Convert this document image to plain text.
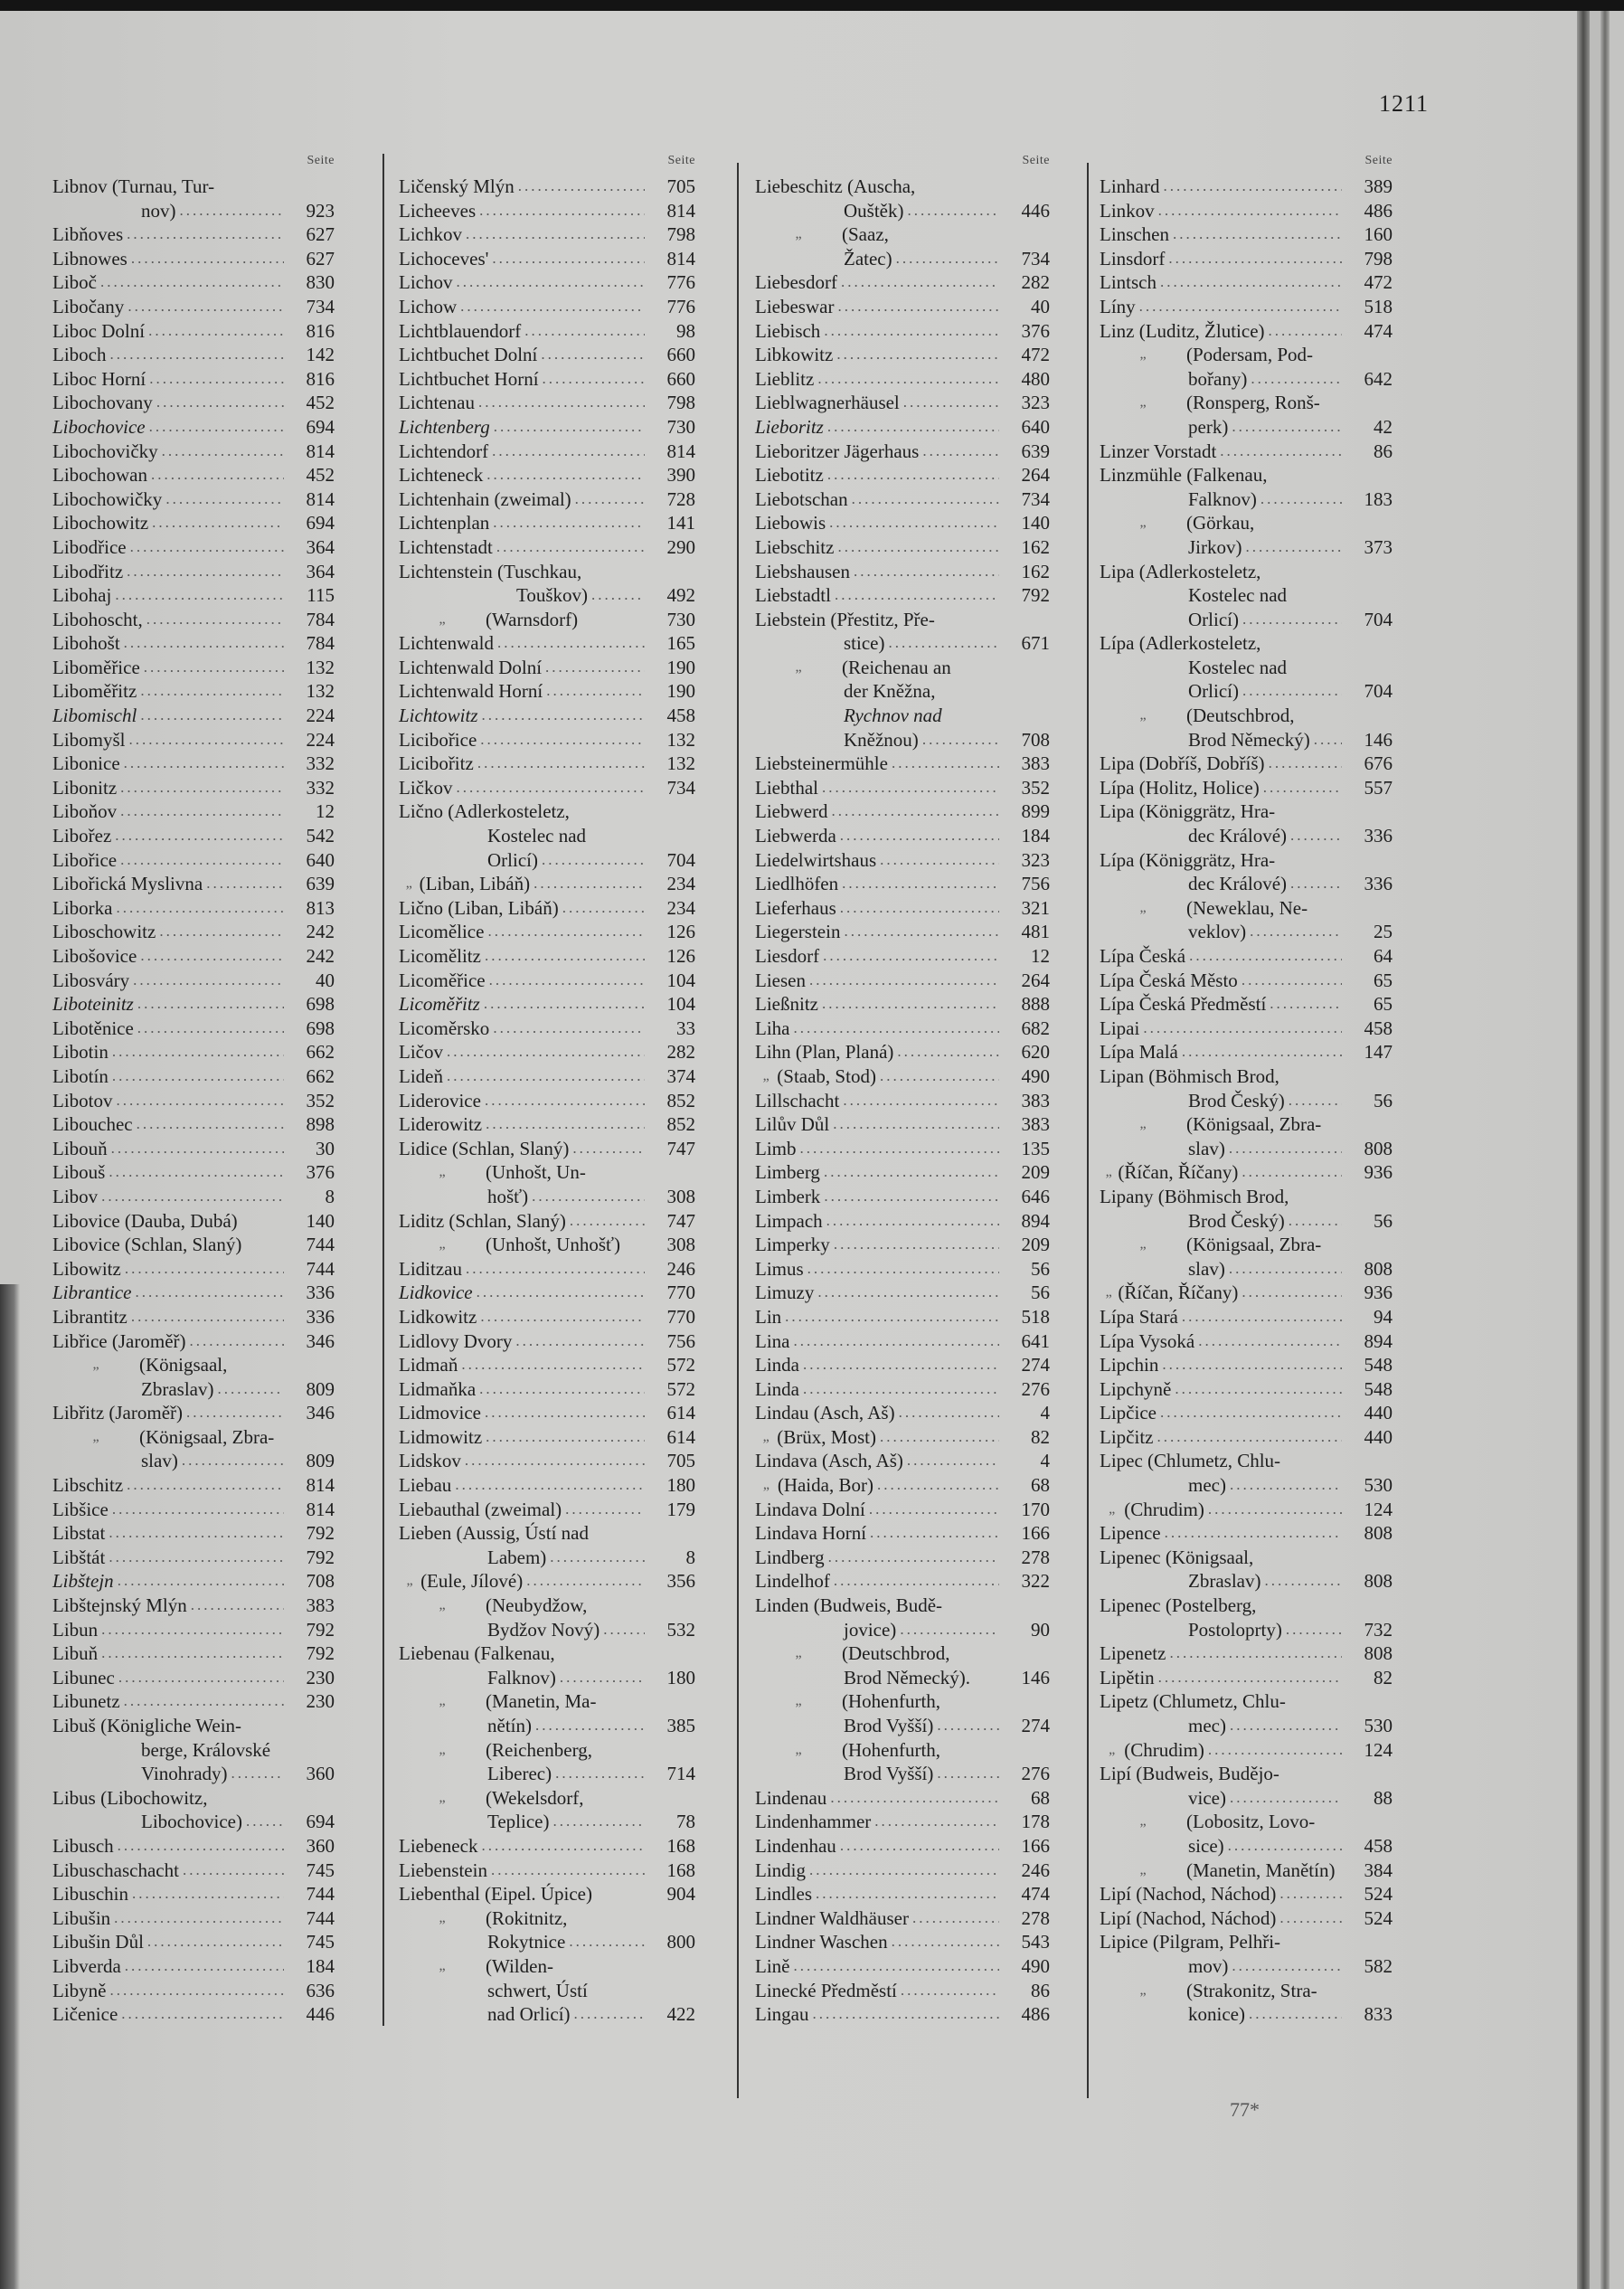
1211
Seite
Libnov (Turnau, Tur-
nov) .....	923
Libňoves .....	627
Libnowes .....	627
Liboč .....	830
Libočany .....	734
Liboc Dolní .....	816
Liboch .....	142
Liboc Horní .....	816
Libochovany .....	452
Libochovice .....	694
Libochovičky .....	814
Libochowan .....	452
Libochowičky .....	814
Libochowitz .....	694
Libodřice .....	364
Libodřitz .....	364
Libohaj .....	115
Libohoscht, .....	784
Libohošt .....	784
Liboměřice .....	132
Liboměřitz .....	132
Libomischl .....	224
Libomyšl .....	224
Libonice .....	332
Libonitz .....	332
Liboňov .....	12
Libořez .....	542
Libořice .....	640
Libořická Myslivna .....	639
Liborka .....	813
Liboschowitz .....	242
Libošovice .....	242
Libosváry .....	40
Liboteinitz .....	698
Libotěnice .....	698
Libotin .....	662
Libotín .....	662
Libotov .....	352
Libouchec .....	898
Libouň .....	30
Libouš .....	376
Libov .....	8
Libovice (Dauba, Dubá)	140
Libovice (Schlan, Slaný)	744
Libowitz .....	744
Librantice .....	336
Librantitz .....	336
Libřice (Jaroměř) .....	346
„	(Königsaal,
Zbraslav) .....	809
Libřitz (Jaroměř) .....	346
„	(Königsaal, Zbra-
slav) .....	809
Libschitz .....	814
Libšice .....	814
Libstat .....	792
Libštát .....	792
Libštejn .....	708
Libštejnský Mlýn .....	383
Libun .....	792
Libuň .....	792
Libunec .....	230
Libunetz .....	230
Libuš (Königliche Wein-
berge, Královské
Vinohrady) .....	360
Libus (Libochowitz,
Libochovice) .....	694
Libusch .....	360
Libuschaschacht .....	745
Libuschin .....	744
Libušin .....	744
Libušin Důl .....	745
Libverda .....	184
Libyně .....	636
Ličenice .....	446
Seite
Ličenský Mlýn .....	705
Licheeves .....	814
Lichkov .....	798
Lichoceves' .....	814
Lichov .....	776
Lichow .....	776
Lichtblauendorf .....	98
Lichtbuchet Dolní .....	660
Lichtbuchet Horní .....	660
Lichtenau .....	798
Lichtenberg .....	730
Lichtendorf .....	814
Lichteneck .....	390
Lichtenhain (zweimal) .....	728
Lichtenplan .....	141
Lichtenstadt .....	290
Lichtenstein (Tuschkau,
Touškov) .....	492
„	(Warnsdorf)	730
Lichtenwald .....	165
Lichtenwald Dolní .....	190
Lichtenwald Horní .....	190
Lichtowitz .....	458
Licibořice .....	132
Licibořitz .....	132
Ličkov .....	734
Lično (Adlerkosteletz,
Kostelec nad
Orlicí) .....	704
„ (Liban, Libáň) .....	234
Lično (Liban, Libáň) .....	234
Licoměliсe .....	126
Licomělitz .....	126
Licoměřice .....	104
Licoměřitz .....	104
Licoměrsko .....	33
Ličov .....	282
Lideň .....	374
Liderovice .....	852
Liderowitz .....	852
Lidice (Schlan, Slaný) .....	747
„	(Unhošt, Un-
hošť) .....	308
Liditz (Schlan, Slaný) .....	747
„	(Unhošt, Unhošť)	308
Liditzau .....	246
Lidkovice .....	770
Lidkowitz .....	770
Lidlovy Dvory .....	756
Lidmaň .....	572
Lidmaňka .....	572
Lidmovice .....	614
Lidmowitz .....	614
Lidskov .....	705
Liebau .....	180
Liebauthal (zweimal) .....	179
Lieben (Aussig, Ústí nad
Labem) .....	8
„ (Eule, Jílové) .....	356
„	(Neubydžow,
Bydžov Nový) .....	532
Liebenau (Falkenau,
Falknov) .....	180
„	(Manetin, Ma-
nětín) .....	385
„	(Reichenberg,
Liberec) .....	714
„	(Wekelsdorf,
Teplice) .....	78
Liebeneck .....	168
Liebenstein .....	168
Liebenthal (Eipel. Úpice)	904
„	(Rokitnitz,
Rokytnice .....	800
„	(Wilden-
schwert, Ústí
nad Orlicí) .....	422
Seite
Liebeschitz (Auscha,
Ouštěk) .....	446
„	(Saaz,
Žatec) .....	734
Liebesdorf .....	282
Liebeswar .....	40
Liebisch .....	376
Libkowitz .....	472
Lieblitz .....	480
Lieblwagnerhäusel .....	323
Lieboritz .....	640
Lieboritzer Jägerhaus .....	639
Liebotitz .....	264
Liebotschan .....	734
Liebowis .....	140
Liebschitz .....	162
Liebshausen .....	162
Liebstadtl .....	792
Liebstein (Přestitz, Pře-
stice) .....	671
„	(Reichenau an
der Kněžna,
Rychnov nad
Kněžnou) .....	708
Liebsteinermühle .....	383
Liebthal .....	352
Liebwerd .....	899
Liebwerda .....	184
Liedelwirtshaus .....	323
Liedlhöfen .....	756
Lieferhaus .....	321
Liegerstein .....	481
Liesdorf .....	12
Liesen .....	264
Ließnitz .....	888
Liha .....	682
Lihn (Plan, Planá) .....	620
„ (Staab, Stod) .....	490
Lillschacht .....	383
Lilův Důl .....	383
Limb .....	135
Limberg .....	209
Limberk .....	646
Limpach .....	894
Limperky .....	209
Limus .....	56
Limuzy .....	56
Lin .....	518
Lina .....	641
Linda .....	274
Linda .....	276
Lindau (Asch, Aš) .....	4
„ (Brüx, Most) .....	82
Lindava (Asch, Aš) .....	4
„ (Haida, Bor) .....	68
Lindava Dolní .....	170
Lindava Horní .....	166
Lindberg .....	278
Lindelhof .....	322
Linden (Budweis, Budě-
jovice) .....	90
„	(Deutschbrod,
Brod Německý).	146
„	(Hohenfurth,
Brod Vyšší) .....	274
„	(Hohenfurth,
Brod Vyšší) .....	276
Lindenau .....	68
Lindenhammer .....	178
Lindenhau .....	166
Lindig .....	246
Lindles .....	474
Lindner Waldhäuser .....	278
Lindner Waschen .....	543
Lině .....	490
Linecké Předměstí .....	86
Lingau .....	486
Seite
Linhard .....	389
Linkov .....	486
Linschen .....	160
Linsdorf .....	798
Lintsch .....	472
Líny .....	518
Linz (Luditz, Žlutice) .....	474
„	(Podersam, Pod-
bořany) .....	642
„	(Ronsperg, Ronš-
perk) .....	42
Linzer Vorstadt .....	86
Linzmühle (Falkenau,
Falknov) .....	183
„	(Görkau,
Jirkov) .....	373
Lipa (Adlerkosteletz,
Kostelec nad
Orlicí) .....	704
Lípa (Adlerkosteletz,
Kostelec nad
Orlicí) .....	704
„	(Deutschbrod,
Brod Německý) .....	146
Lipa (Dobříš, Dobříš) .....	676
Lípa (Holitz, Holice) .....	557
Lipa (Königgrätz, Hra-
dec Králové) .....	336
Lípa (Königgrätz, Hra-
dec Králové) .....	336
„	(Neweklau, Ne-
veklov) .....	25
Lípa Česká .....	64
Lípa Česká Město .....	65
Lípa Česká Předměstí .....	65
Lipai .....	458
Lípa Malá .....	147
Lipan (Böhmisch Brod,
Brod Český) .....	56
„	(Königsaal, Zbra-
slav) .....	808
„ (Říčan, Říčany) .....	936
Lipany (Böhmisch Brod,
Brod Český) .....	56
„	(Königsaal, Zbra-
slav) .....	808
„ (Říčan, Říčany) .....	936
Lípa Stará .....	94
Lípa Vysoká .....	894
Lipchin .....	548
Lipchyně .....	548
Lipčice .....	440
Lipčitz .....	440
Lipec (Chlumetz, Chlu-
mec) .....	530
„ (Chrudim) .....	124
Lipence .....	808
Lipenec (Königsaal,
Zbraslav) .....	808
Lipenec (Postelberg,
Postoloprty) .....	732
Lipenetz .....	808
Lipětin .....	82
Lipetz (Chlumetz, Chlu-
mec) .....	530
„ (Chrudim) .....	124
Lipí (Budweis, Budějo-
vice) .....	88
„	(Lobositz, Lovo-
sice) .....	458
„	(Manetin, Manětín)	384
Lipí (Nachod, Náchod) .....	524
Lipí (Nachod, Náchod) .....	524
Lipice (Pilgram, Pelhři-
mov) .....	582
„	(Strakonitz, Stra-
konice) .....	833
77*
